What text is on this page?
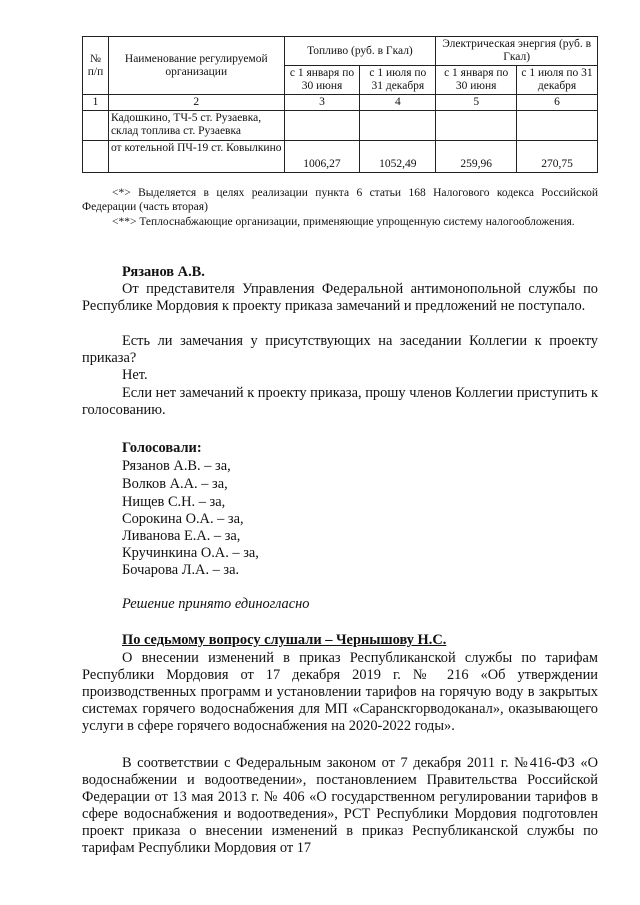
№ п/п	Наименование регулируемой организации	Топливо (руб. в Гкал)		Электрическая энергия (руб. в Гкал)	
		с 1 января по 30 июня	с 1 июля по 31 декабря	с 1 января по 30 июня	с 1 июля по 31 декабря
1	2	3	4	5	6
	Кадошкино, ТЧ-5 ст. Рузаевка, склад топлива ст. Рузаевка				
	от котельной ПЧ-19 ст. Ковылкино	1006,27	1052,49	259,96	270,75
<*> Выделяется в целях реализации пункта 6 статьи 168 Налогового кодекса Российской Федерации (часть вторая)
<**> Теплоснабжающие организации, применяющие упрощенную систему налогообложения.
Рязанов А.В.
От представителя Управления Федеральной антимонопольной службы по Республике Мордовия к проекту приказа замечаний и предложений не поступало.
Есть ли замечания у присутствующих на заседании Коллегии к проекту приказа?
Нет.
Если нет замечаний к проекту приказа, прошу членов Коллегии приступить к голосованию.
Голосовали:
Рязанов А.В. – за,
Волков А.А. – за,
Нищев С.Н. – за,
Сорокина О.А. – за,
Ливанова Е.А. – за,
Кручинкина О.А. – за,
Бочарова Л.А. – за.
Решение принято единогласно
По седьмому вопросу слушали – Чернышову Н.С.
О внесении изменений в приказ Республиканской службы по тарифам Республики Мордовия от 17 декабря 2019 г. № 216 «Об утверждении производственных программ и установлении тарифов на горячую воду в закрытых системах горячего водоснабжения для МП «Саранскгорводоканал», оказывающего услуги в сфере горячего водоснабжения на 2020-2022 годы».
В соответствии с Федеральным законом от 7 декабря 2011 г. №416-ФЗ «О водоснабжении и водоотведении», постановлением Правительства Российской Федерации от 13 мая 2013 г. № 406 «О государственном регулировании тарифов в сфере водоснабжения и водоотведения», РСТ Республики Мордовия подготовлен проект приказа о внесении изменений в приказ Республиканской службы по тарифам Республики Мордовия от 17
